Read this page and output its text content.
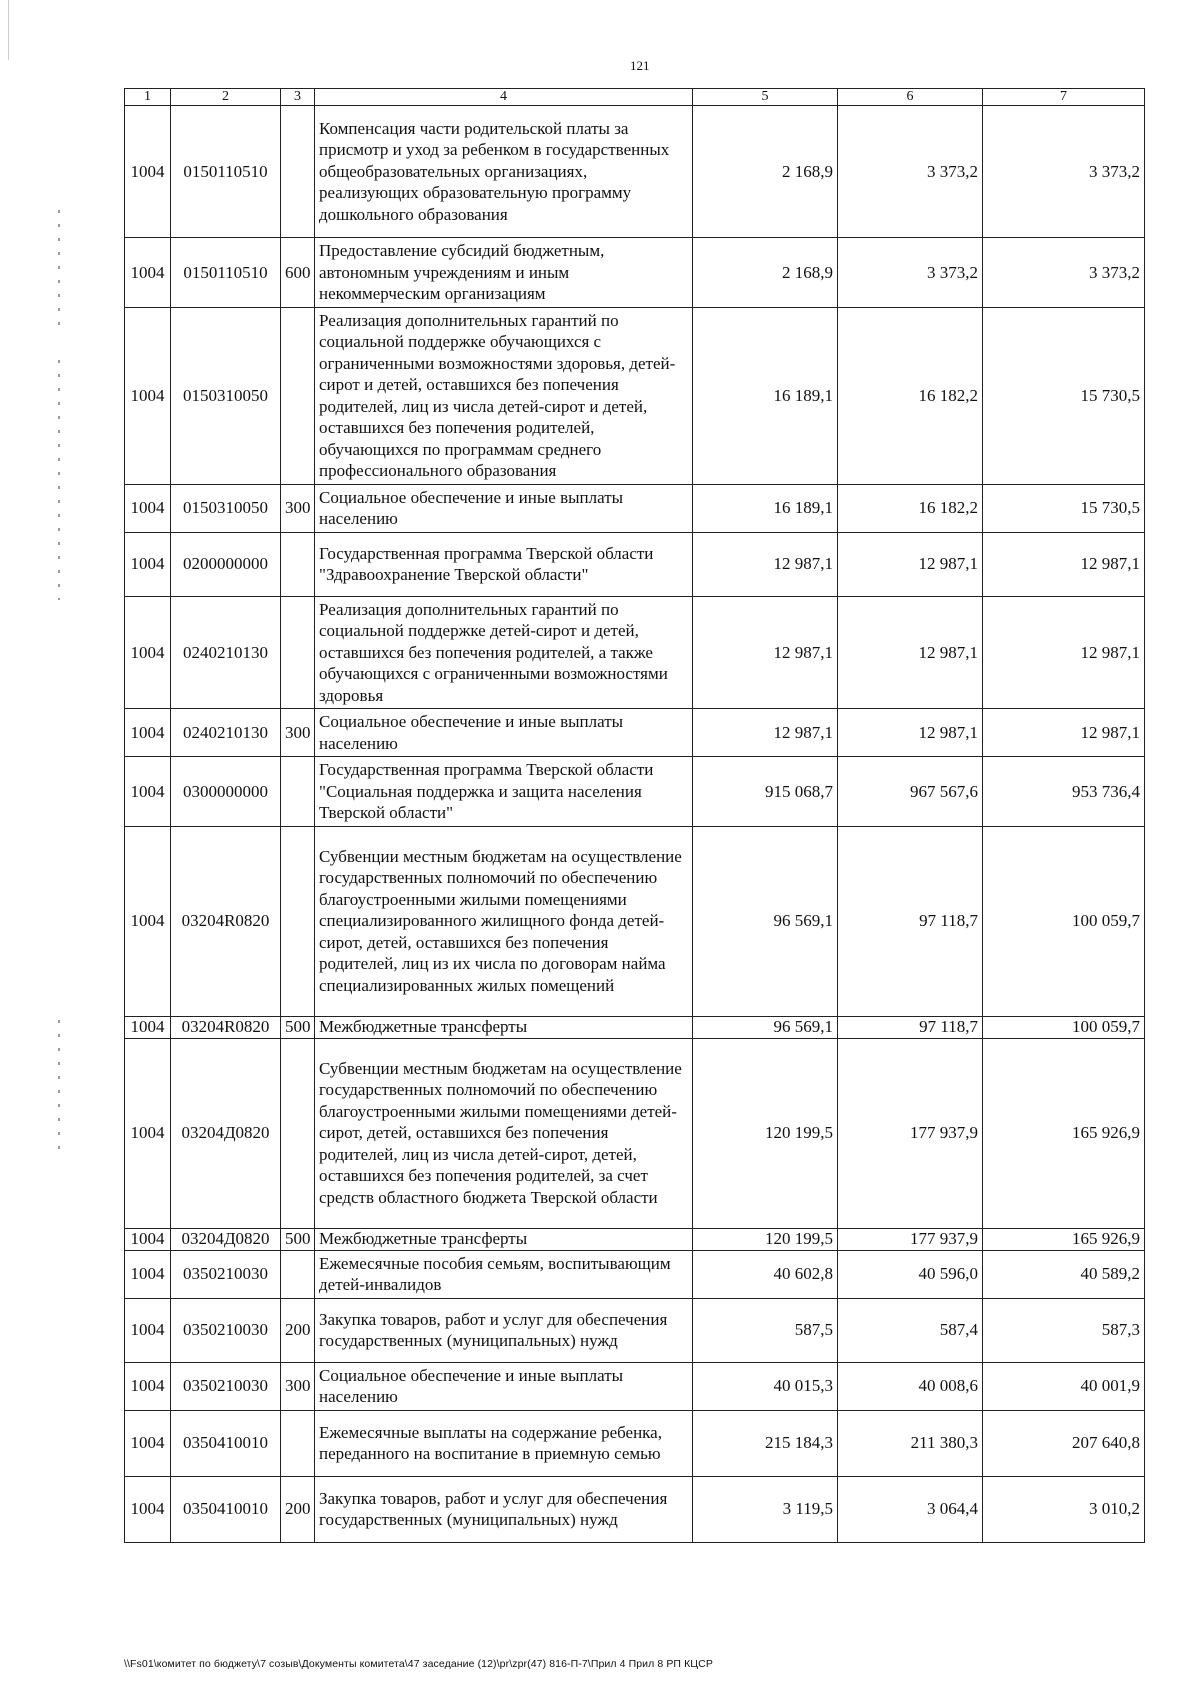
121
1	2	3	4	5	6	7
1004	0150110510		Компенсация части родительской платы за присмотр и уход за ребенком в государственных общеобразовательных организациях, реализующих образовательную программу дошкольного образования	2 168,9	3 373,2	3 373,2
1004	0150110510	600	Предоставление субсидий бюджетным, автономным учреждениям и иным некоммерческим организациям	2 168,9	3 373,2	3 373,2
1004	0150310050		Реализация дополнительных гарантий по социальной поддержке обучающихся с ограниченными возможностями здоровья, детей-сирот и детей, оставшихся без попечения родителей, лиц из числа детей-сирот и детей, оставшихся без попечения родителей, обучающихся по программам среднего профессионального образования	16 189,1	16 182,2	15 730,5
1004	0150310050	300	Социальное обеспечение и иные выплаты населению	16 189,1	16 182,2	15 730,5
1004	0200000000		Государственная программа Тверской области "Здравоохранение Тверской области"	12 987,1	12 987,1	12 987,1
1004	0240210130		Реализация дополнительных гарантий по социальной поддержке детей-сирот и детей, оставшихся без попечения родителей, а также обучающихся с ограниченными возможностями здоровья	12 987,1	12 987,1	12 987,1
1004	0240210130	300	Социальное обеспечение и иные выплаты населению	12 987,1	12 987,1	12 987,1
1004	0300000000		Государственная программа Тверской области "Социальная поддержка и защита населения Тверской области"	915 068,7	967 567,6	953 736,4
1004	03204R0820		Субвенции местным бюджетам на осуществление государственных полномочий по обеспечению благоустроенными жилыми помещениями специализированного жилищного фонда детей-сирот, детей, оставшихся без попечения родителей, лиц из их числа по договорам найма специализированных жилых помещений	96 569,1	97 118,7	100 059,7
1004	03204R0820	500	Межбюджетные трансферты	96 569,1	97 118,7	100 059,7
1004	03204Д0820		Субвенции местным бюджетам на осуществление государственных полномочий по обеспечению благоустроенными жилыми помещениями детей-сирот, детей, оставшихся без попечения родителей, лиц из числа детей-сирот, детей, оставшихся без попечения родителей, за счет средств областного бюджета Тверской области	120 199,5	177 937,9	165 926,9
1004	03204Д0820	500	Межбюджетные трансферты	120 199,5	177 937,9	165 926,9
1004	0350210030		Ежемесячные пособия семьям, воспитывающим детей-инвалидов	40 602,8	40 596,0	40 589,2
1004	0350210030	200	Закупка товаров, работ и услуг для обеспечения государственных (муниципальных) нужд	587,5	587,4	587,3
1004	0350210030	300	Социальное обеспечение и иные выплаты населению	40 015,3	40 008,6	40 001,9
1004	0350410010		Ежемесячные выплаты на содержание ребенка, переданного на воспитание в приемную семью	215 184,3	211 380,3	207 640,8
1004	0350410010	200	Закупка товаров, работ и услуг для обеспечения государственных (муниципальных) нужд	3 119,5	3 064,4	3 010,2
\\Fs01\комитет по бюджету\7 созыв\Документы комитета\47 заседание (12)\pr\zpr(47) 816-П-7\Прил 4 Прил 8 РП КЦСР
